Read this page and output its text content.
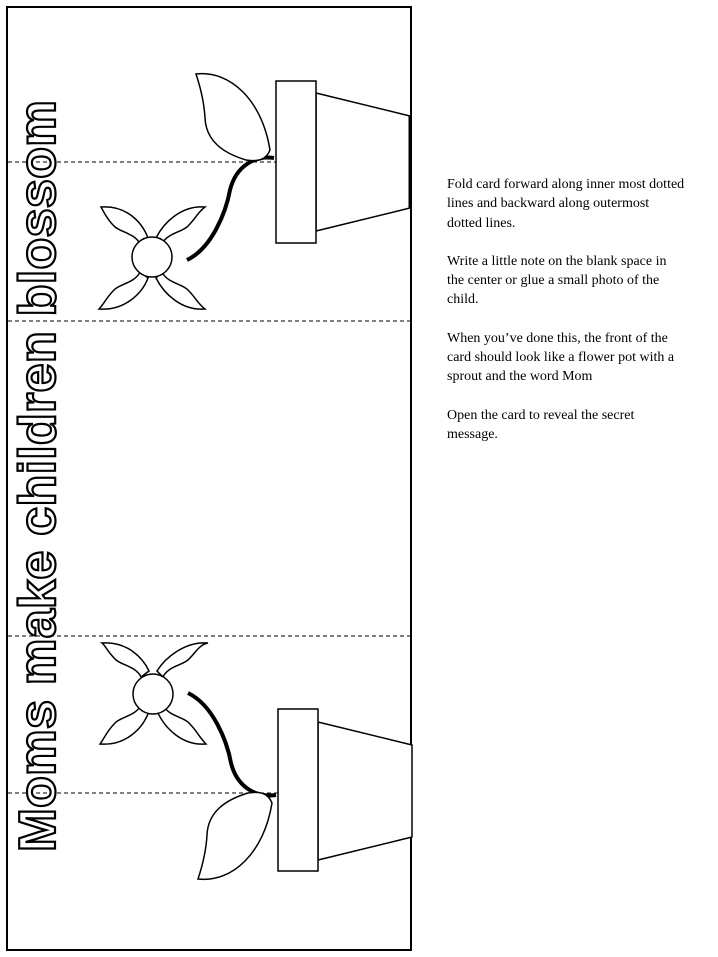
Moms make children blossom	Fold card forward along inner most dotted lines and backward along outermost dotted lines.

Write a little note on the blank space in the center or glue a small photo of the child.

When you’ve done this, the front of the card should look like a flower pot with a sprout and the word Mom

Open the card to reveal the secret message.
